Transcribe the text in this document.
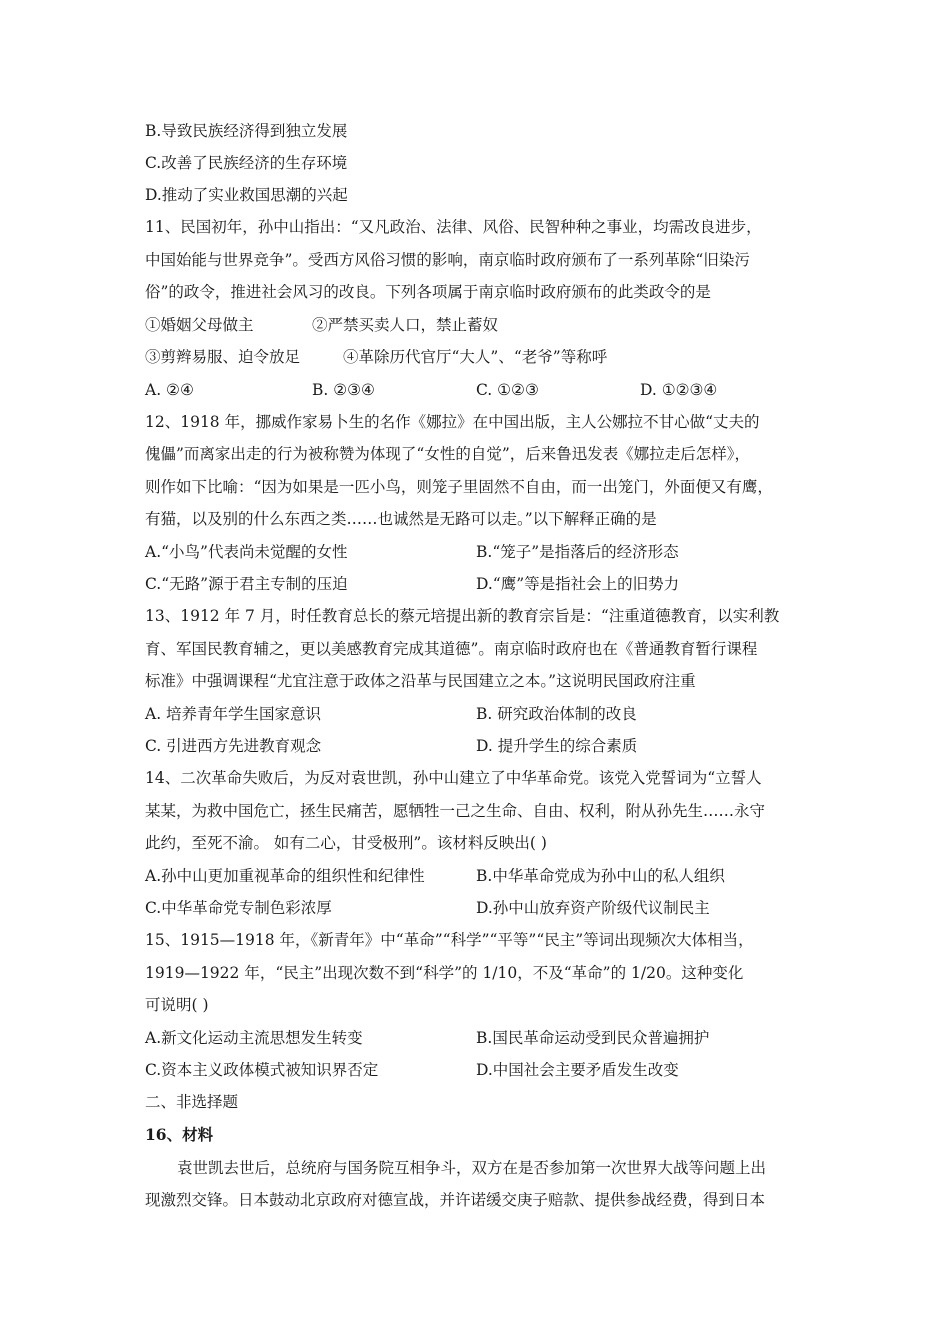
B.导致民族经济得到独立发展
C.改善了民族经济的生存环境
D.推动了实业救国思潮的兴起
11、民国初年，孙中山指出：“又凡政治、法律、风俗、民智种种之事业，均需改良进步，
中国始能与世界竞争”。受西方风俗习惯的影响，南京临时政府颁布了一系列革除“旧染污
俗”的政令，推进社会风习的改良。下列各项属于南京临时政府颁布的此类政令的是
①婚姻父母做主	②严禁买卖人口，禁止蓄奴
③剪辫易服、迫令放足	④革除历代官厅“大人”、“老爷”等称呼
A. ②④	B. ②③④	C. ①②③	D. ①②③④
12、1918 年，挪威作家易卜生的名作《娜拉》在中国出版，主人公娜拉不甘心做“丈夫的
傀儡”而离家出走的行为被称赞为体现了“女性的自觉”，后来鲁迅发表《娜拉走后怎样》，
则作如下比喻：“因为如果是一匹小鸟，则笼子里固然不自由，而一出笼门，外面便又有鹰，
有猫，以及别的什么东西之类……也诚然是无路可以走。”以下解释正确的是
A.“小鸟”代表尚未觉醒的女性	B.“笼子”是指落后的经济形态
C.“无路”源于君主专制的压迫	D.“鹰”等是指社会上的旧势力
13、1912 年 7 月，时任教育总长的蔡元培提出新的教育宗旨是：“注重道德教育，以实利教
育、军国民教育辅之，更以美感教育完成其道德”。南京临时政府也在《普通教育暂行课程
标准》中强调课程“尤宜注意于政体之沿革与民国建立之本。”这说明民国政府注重
A. 培养青年学生国家意识	B. 研究政治体制的改良
C. 引进西方先进教育观念	D. 提升学生的综合素质
14、二次革命失败后，为反对袁世凯，孙中山建立了中华革命党。该党入党誓词为“立誓人
某某，为救中国危亡，拯生民痛苦，愿牺牲一己之生命、自由、权利，附从孙先生……永守
此约，至死不渝。 如有二心，甘受极刑”。该材料反映出( )
A.孙中山更加重视革命的组织性和纪律性	B.中华革命党成为孙中山的私人组织
C.中华革命党专制色彩浓厚	D.孙中山放弃资产阶级代议制民主
15、1915—1918 年，《新青年》中“革命”“科学”“平等”“民主”等词出现频次大体相当，
1919—1922 年，“民主”出现次数不到“科学”的 1/10，不及“革命”的 1/20。这种变化
可说明( )
A.新文化运动主流思想发生转变	B.国民革命运动受到民众普遍拥护
C.资本主义政体模式被知识界否定	D.中国社会主要矛盾发生改变
二、非选择题
16、材料
袁世凯去世后，总统府与国务院互相争斗，双方在是否参加第一次世界大战等问题上出
现激烈交锋。日本鼓动北京政府对德宣战，并许诺缓交庚子赔款、提供参战经费，得到日本
